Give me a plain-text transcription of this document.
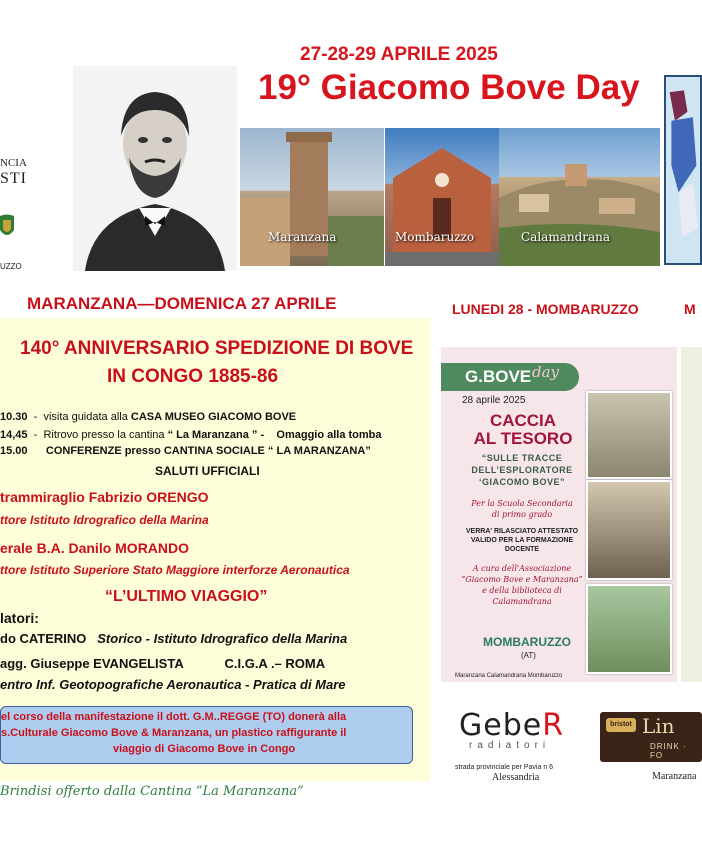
27-28-29 APRILE 2025
19° Giacomo Bove Day
NCIA
STI
UZZO
Maranzana	Mombaruzzo	Calamandrana
MARANZANA—DOMENICA 27 APRILE	LUNEDI 28 - MOMBARUZZO	M
140° ANNIVERSARIO SPEDIZIONE DI BOVE
IN CONGO 1885-86
10.30 - visita guidata alla CASA MUSEO GIACOMO BOVE
14,45 - Ritrovo presso la cantina “ La Maranzana ” - Omaggio alla tomba
15.00 CONFERENZE presso CANTINA SOCIALE “ LA MARANZANA”
SALUTI UFFICIALI
trammiraglio Fabrizio ORENGO
ttore Istituto Idrografico della Marina
erale B.A. Danilo MORANDO
ttore Istituto Superiore Stato Maggiore interforze Aeronautica
“L’ULTIMO VIAGGIO”
latori:
do CATERINO Storico - Istituto Idrografico della Marina
agg. Giuseppe EVANGELISTA	C.I.G.A .– ROMA
entro Inf. Geotopografiche Aeronautica - Pratica di Mare
el corso della manifestazione il dott. G.M..REGGE (TO) donerà alla
s.Culturale Giacomo Bove & Maranzana, un plastico raffigurante il
viaggio di Giacomo Bove in Congo
Brindisi offerto dalla Cantina “La Maranzana”
G.BOVE day
28 aprile 2025
CACCIA
AL TESORO
“SULLE TRACCE
DELL’ESPLORATORE
‘GIACOMO BOVE”
Per la Scuola Secondaria
di primo grado
VERRA' RILASCIATO ATTESTATO
VALIDO PER LA FORMAZIONE
DOCENTE
A cura dell'Associazione
“Giacomo Bove e Maranzana”
e della biblioteca di
Calamandrana
MOMBARUZZO
(AT)
Maranzana Calamandrana Mombaruzzo
GebeR
radiatori
strada provinciale per Pavia n 6
Alessandria
bristot Lin
DRINK · FO
Maranzana
